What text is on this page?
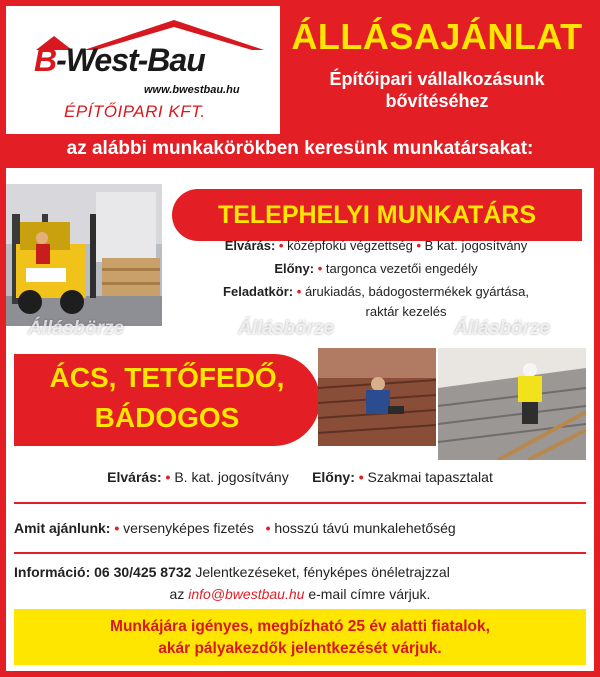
B-West-Bau
www.bwestbau.hu
ÉPÍTŐIPARI KFT.
ÁLLÁSAJÁNLAT
Építőipari vállalkozásunk
bővítéséhez
az alábbi munkakörökben keresünk munkatársakat:
TELEPHELYI MUNKATÁRS
Elvárás: • középfokú végzettség • B kat. jogosítvány
Előny: • targonca vezetői engedély
Feladatkör: • árukiadás, bádogostermékek gyártása,
raktár kezelés
ÁCS, TETŐFEDŐ,
BÁDOGOS
Állásbörze	Állásbörze	Állásbörze
Elvárás: • B. kat. jogosítvány Előny: • Szakmai tapasztalat
Amit ajánlunk: • versenyképes fizetés • hosszú távú munkalehetőség
Információ: 06 30/425 8732 Jelentkezéseket, fényképes önéletrajzzal
az info@bwestbau.hu e-mail címre várjuk.
Munkájára igényes, megbízható 25 év alatti fiatalok,
akár pályakezdők jelentkezését várjuk.
